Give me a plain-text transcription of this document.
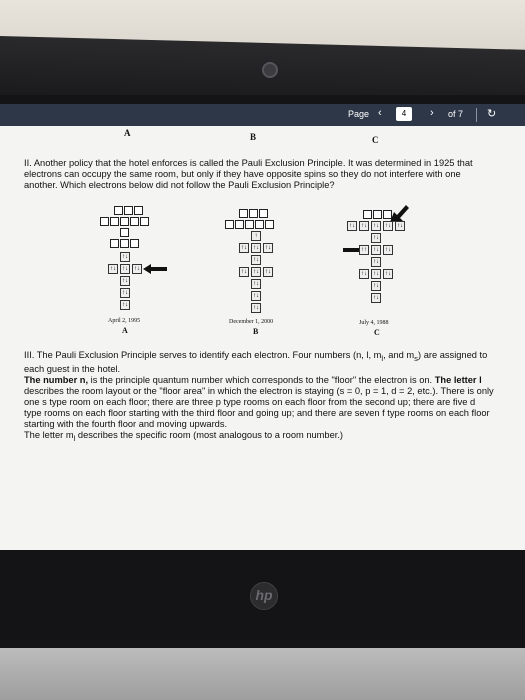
Page ‹	4	› of 7 ↻
A	B	C
II. Another policy that the hotel enforces is called the Pauli Exclusion Principle. It was determined in 1925 that electrons can occupy the same room, but only if they have opposite spins so they do not interfere with one another. Which electrons below did not follow the Pauli Exclusion Principle?
↑↓
↑↓	↑↓	↑↓
↑↓
↑↓
↑↓
April 2, 1995
A
↑
↑↓	↑↓	↑↓
↑↓
↑↓	↑↓	↑↓
↑↓
↑↓
↑↓
December 1, 2000
B
↑↓	↑↓	↑↓	↑↓	↑↓
↑↓
↑↑	↑↓	↑↓
↑↓
↑↓	↑↓	↑↓
↑↓
↑↓
July 4, 1988
C
III. The Pauli Exclusion Principle serves to identify each electron. Four numbers (n, l, $m_l$, and $m_s$) are assigned to each guest in the hotel.
The number n, is the principle quantum number which corresponds to the "floor" the electron is on. The letter l describes the room layout or the "floor area" in which the electron is staying (s = 0, p = 1, d = 2, etc.). There is only one s type room on each floor; there are three p type rooms on each floor from the second up; there are five d type rooms on each floor starting with the third floor and going up; and there are seven f type rooms on each floor starting with the fourth floor and moving upwards.
The letter $m_l$ describes the specific room (most analogous to a room number.)
hp
